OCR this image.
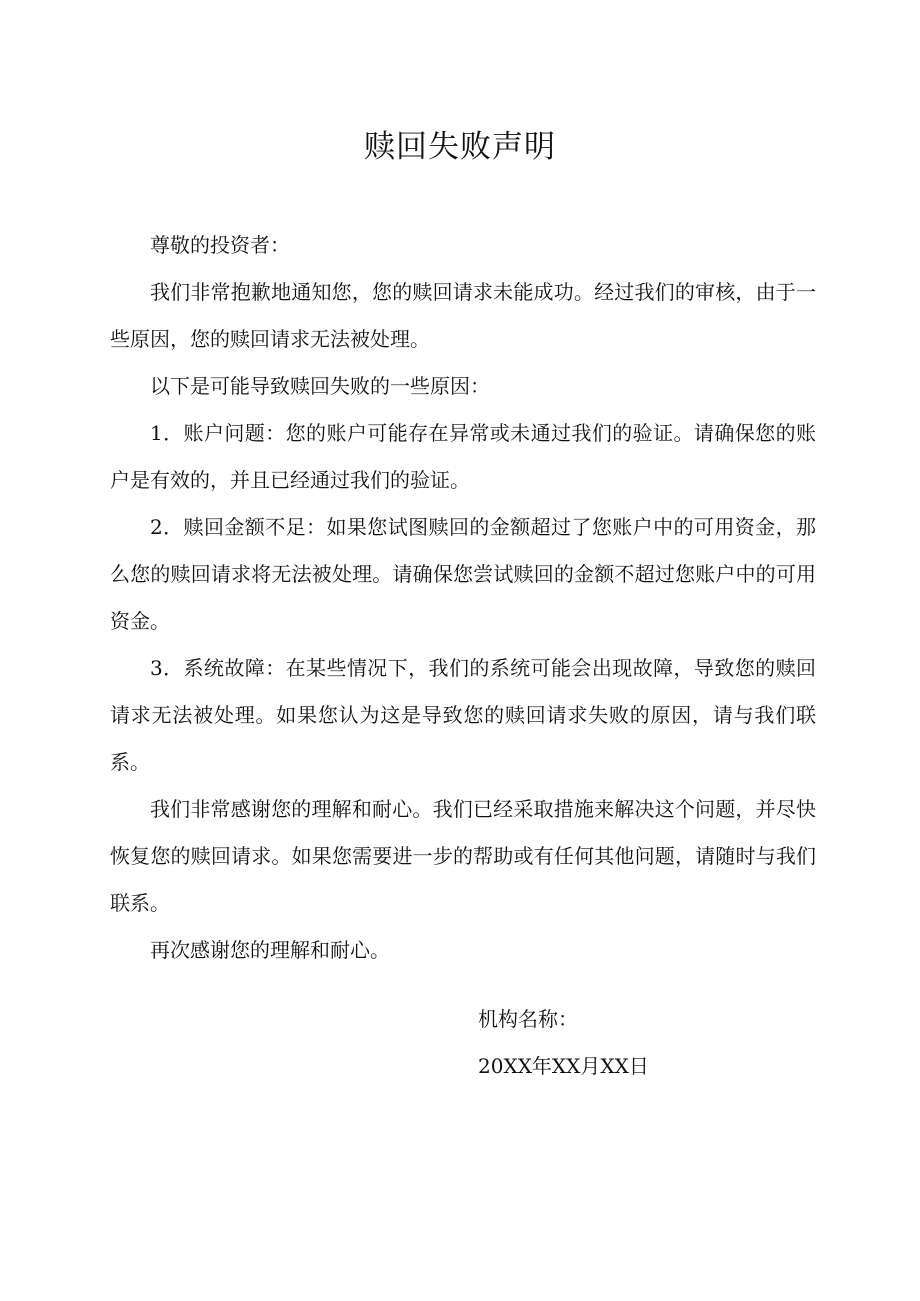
赎回失败声明

尊敬的投资者：

我们非常抱歉地通知您，您的赎回请求未能成功。经过我们的审核，由于一些原因，您的赎回请求无法被处理。

以下是可能导致赎回失败的一些原因：

1．账户问题：您的账户可能存在异常或未通过我们的验证。请确保您的账户是有效的，并且已经通过我们的验证。

2．赎回金额不足：如果您试图赎回的金额超过了您账户中的可用资金，那么您的赎回请求将无法被处理。请确保您尝试赎回的金额不超过您账户中的可用资金。

3．系统故障：在某些情况下，我们的系统可能会出现故障，导致您的赎回请求无法被处理。如果您认为这是导致您的赎回请求失败的原因，请与我们联系。

我们非常感谢您的理解和耐心。我们已经采取措施来解决这个问题，并尽快恢复您的赎回请求。如果您需要进一步的帮助或有任何其他问题，请随时与我们联系。

再次感谢您的理解和耐心。

机构名称：
20XX年XX月XX日
